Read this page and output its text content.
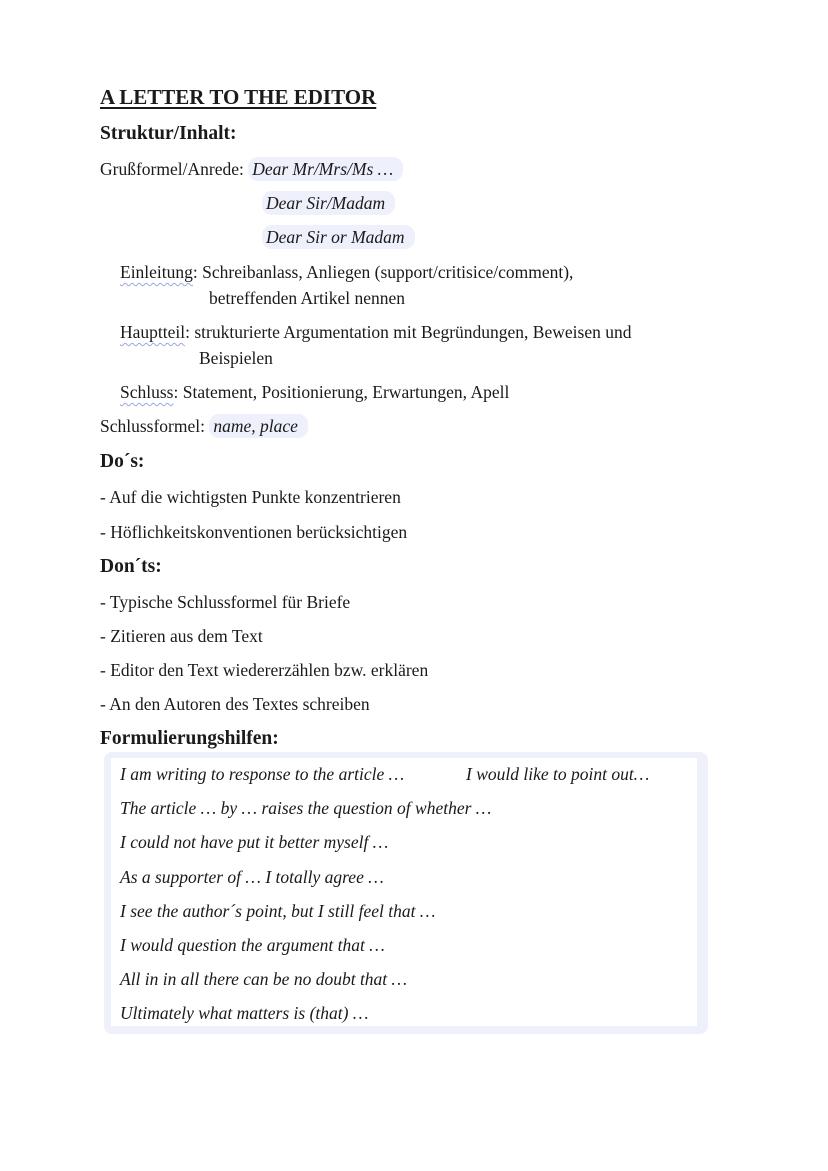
A LETTER TO THE EDITOR
Struktur/Inhalt:
Grußformel/Anrede: Dear Mr/Mrs/Ms …
Dear Sir/Madam
Dear Sir or Madam
Einleitung: Schreibanlass, Anliegen (support/critisice/comment),
betreffenden Artikel nennen
Hauptteil: strukturierte Argumentation mit Begründungen, Beweisen und
Beispielen
Schluss: Statement, Positionierung, Erwartungen, Apell
Schlussformel: name, place
Do´s:
- Auf die wichtigsten Punkte konzentrieren
- Höflichkeitskonventionen berücksichtigen
Don´ts:
- Typische Schlussformel für Briefe
- Zitieren aus dem Text
- Editor den Text wiedererzählen bzw. erklären
- An den Autoren des Textes schreiben
Formulierungshilfen:
I am writing to response to the article …	I would like to point out…
The article … by … raises the question of whether …
I could not have put it better myself …
As a supporter of … I totally agree …
I see the author´s point, but I still feel that …
I would question the argument that …
All in in all there can be no doubt that …
Ultimately what matters is (that) …
